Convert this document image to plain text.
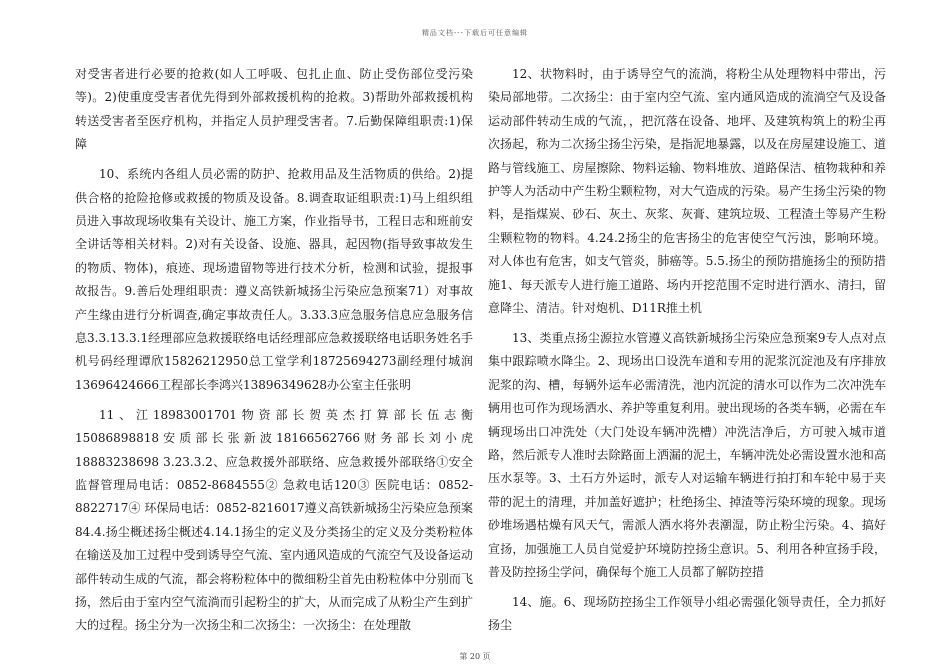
精品文档---下载后可任意编辑

对受害者进行必要的抢救(如人工呼吸、包扎止血、防止受伤部位受污染等)。2)使重度受害者优先得到外部救援机构的抢救。3)帮助外部救援机构转送受害者至医疗机构，并指定人员护理受害者。7.后勤保障组职责:1)保障

10、系统内各组人员必需的防护、抢救用品及生活物质的供给。2)提供合格的抢险抢修或救援的物质及设备。8.调查取证组职责:1)马上组织组员进入事故现场收集有关设计、施工方案，作业指导书，工程日志和班前安全讲话等相关材料。2)对有关设备、设施、器具，起因物(指导致事故发生的物质、物体)，痕迹、现场遗留物等进行技术分析，检测和试验，提报事故报告。9.善后处理组职责：遵义高铁新城扬尘污染应急预案71）对事故产生缘由进行分析调查,确定事故责任人。3.33.3应急服务信息应急服务信息3.3.13.3.1经理部应急救援联络电话经理部应急救援联络电话职务姓名手机号码经理谭欣15826212950总工堂学利18725694273副经理付城润13696424666工程部长李鸿兴13896349628办公室主任张明

11、江18983001701物资部长贺英杰打算部长伍志衡15086898818安质部长张新波18166562766财务部长刘小虎18883238698 3.23.3.2、应急救援外部联络、应急救援外部联络①安全监督管理局电话：0852-8684555② 急救电话120③ 医院电话：0852-8822717④ 环保局电话：0852-8216017遵义高铁新城扬尘污染应急预案84.4.扬尘概述扬尘概述4.14.1扬尘的定义及分类扬尘的定义及分类粉粒体在输送及加工过程中受到诱导空气流、室内通风造成的气流空气及设备运动部件转动生成的气流，都会将粉粒体中的微细粉尘首先由粉粒体中分别而飞扬，然后由于室内空气流淌而引起粉尘的扩大，从而完成了从粉尘产生到扩大的过程。扬尘分为一次扬尘和二次扬尘：一次扬尘：在处理散

12、状物料时，由于诱导空气的流淌，将粉尘从处理物料中带出，污染局部地带。二次扬尘：由于室内空气流、室内通风造成的流淌空气及设备运动部件转动生成的气流，，把沉落在设备、地坪、及建筑构筑上的粉尘再次扬起，称为二次扬尘扬尘污染，是指泥地暴露，以及在房屋建设施工、道路与管线施工、房屋擦除、物料运输、物料堆放、道路保洁、植物栽种和养护等人为活动中产生粉尘颗粒物，对大气造成的污染。易产生扬尘污染的物料，是指煤炭、砂石、灰土、灰浆、灰膏、建筑垃圾、工程渣土等易产生粉尘颗粒物的物料。4.24.2扬尘的危害扬尘的危害使空气污浊，影响环境。对人体也有危害，如支气管炎，肺癌等。5.5.扬尘的预防措施扬尘的预防措施1、每天派专人进行施工道路、场内开挖范围不定时进行洒水、清扫，留意降尘、清洁。针对炮机、D11R推土机

13、类重点扬尘源拉水管遵义高铁新城扬尘污染应急预案9专人点对点集中跟踪喷水降尘。2、现场出口设洗车道和专用的泥浆沉淀池及有序排放泥浆的沟、槽，每辆外运车必需清洗，池内沉淀的清水可以作为二次冲洗车辆用也可作为现场洒水、养护等重复利用。驶出现场的各类车辆，必需在车辆现场出口冲洗处（大门处设车辆冲洗槽）冲洗洁净后，方可驶入城市道路，然后派专人准时去除路面上洒漏的泥土，车辆冲洗处必需设置水池和高压水泵等。3、土石方外运时，派专人对运输车辆进行拍打和车轮中易于夹带的泥土的清理，并加盖好遮护；杜绝扬尘、掉渣等污染环境的现象。现场砂堆场遇枯燥有风天气，需派人洒水将外表潮湿，防止粉尘污染。4、搞好宣扬，加强施工人员自觉爱护环境防控扬尘意识。5、利用各种宣扬手段，普及防控扬尘学问，确保每个施工人员都了解防控措

14、施。6、现场防控扬尘工作领导小组必需强化领导责任，全力抓好扬尘

第 20 页
